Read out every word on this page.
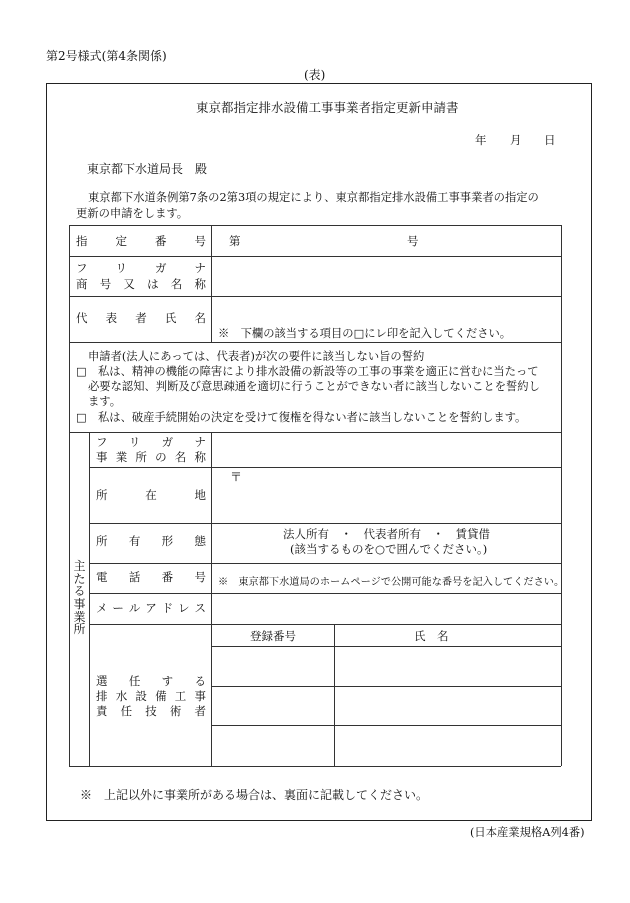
第2号様式(第4条関係)
(表)
東京都指定排水設備工事事業者指定更新申請書
年 月 日
東京都下水道局長　殿
東京都下水道条例第7条の2第3項の規定により、東京都指定排水設備工事事業者の指定の
更新の申請をします。
指 定 番 号 第	号
フ リ ガ ナ
商 号 又 は 名 称
代 表 者 氏 名
※　下欄の該当する項目の□にレ印を記入してください。
申請者(法人にあっては、代表者)が次の要件に該当しない旨の誓約
□　私は、精神の機能の障害により排水設備の新設等の工事の事業を適正に営むに当たって
必要な認知、判断及び意思疎通を適切に行うことができない者に該当しないことを誓約し
ます。
□　私は、破産手続開始の決定を受けて復権を得ない者に該当しないことを誓約します。
主
た
る
事
業
所
フ リ ガ ナ
事 業 所 の 名 称
所	在	地
〒
所 有 形 態	法人所有　・　代表者所有　・　賃貸借
(該当するものを○で囲んでください。)
電 話 番 号 ※　東京都下水道局のホームページで公開可能な番号を記入してください。
メ ー ル ア ド レ ス
選 任 す る
排 水 設 備 工 事
責 任 技 術 者
登録番号	氏　名
※　上記以外に事業所がある場合は、裏面に記載してください。
(日本産業規格A列4番)
